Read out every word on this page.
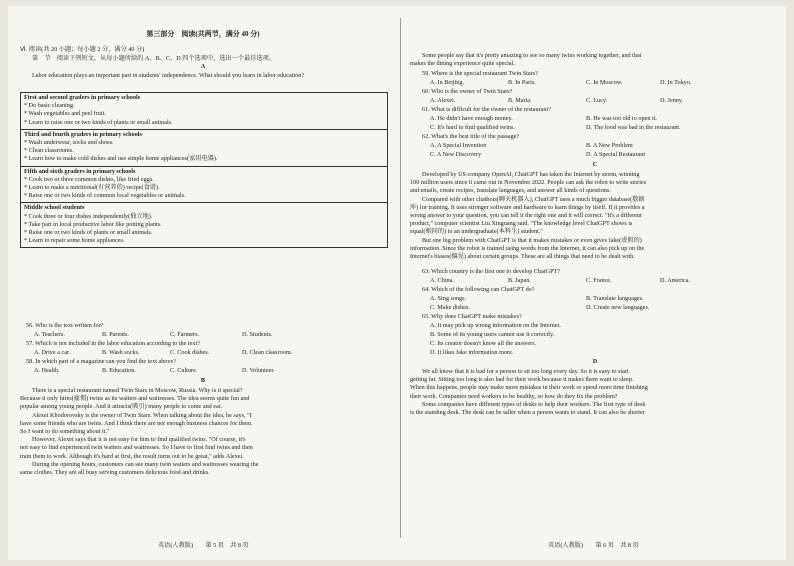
第三部分　阅读(共两节，满分 40 分)

Ⅵ. 阅读(共 20 小题；每小题 2 分，满分 40 分)

第　节　阅读下列短文，从每小题所给的 A、B、C、D 四个选项中，选出一个最佳选项。

A

Labor education plays an important part in students' independence. What should you learn in labor education?

First and second graders in primary schools

* Do basic cleaning.

* Wash vegetables and peel fruit.

* Learn to raise one or two kinds of plants or small animals.

Third and fourth graders in primary schools

* Wash underwear, socks and shoes.

* Clean classrooms.

* Learn how to make cold dishes and use simple home appliances(家用电器).

Fifth and sixth graders in primary schools

* Cook two or three common dishes, like fried eggs.

* Learn to make a nutritional(有营养的) recipe(食谱).

* Raise one or two kinds of common local vegetables or animals.

Middle school students

* Cook three or four dishes independently(独立地).

* Take part in local productive labor like potting plants.

* Raise one or two kinds of plants or small animals.

* Learn to repair some home appliances.

56. Who is the text written for?

A. Teachers.	B. Parents.	C. Farmers.	D. Students.

57. Which is not included in the labor education according to the text?

A. Drive a car.	B. Wash socks.	C. Cook dishes.	D. Clean classroom.

58. In which part of a magazine can you find the text above?

A. Health.	B. Education.	C. Culture.	D. Volunteer.

B

There is a special restaurant named Twin Stars in Moscow, Russia. Why is it special?

Because it only hires(雇佣) twins as its waiters and waitresses. The idea seems quite fun and

popular among young people. And it attracts(吸引) many people to come and eat.

Alexei Khodorovsky is the owner of Twin Stars. When talking about the idea, he says, "I

have some friends who are twins. And I think there are not enough business chances for them.

So I want to do something about it."

However, Alexei says that it is not easy for him to find qualified twins. "Of course, it's

not easy to find experienced twin waiters and waitresses. So I have to first find twins and then

train them to work. Although it's hard at first, the result turns out to be great," adds Alexei.

During the opening hours, customers can see many twin waiters and waitresses wearing the

same clothes. They are all busy serving customers delicious food and drinks.

Some people say that it's pretty amazing to see so many twins working together, and that

makes the dining experience quite special.

59. Where is the special restaurant Twin Stars?

A. In Beijing.	B. In Paris.	C. In Moscow.	D. In Tokyo.

60. Who is the owner of Twin Stars?

A. Alexei.	B. Maria.	C. Lucy.	D. Jenny.

61. What is difficult for the owner of the restaurant?

A. He didn't have enough money.	B. He was too old to open it.
C. It's hard to find qualified twins.	D. The food was bad in the restaurant.

62. What's the best title of the passage?

A. A Special Invention	B. A New Problem
C. A New Discovery	D. A Special Restaurant

C

Developed by US company OpenAI, ChatGPT has taken the Internet by storm, winning

100 million users since it came out in November 2022. People can ask the robot to write stories

and emails, create recipes, translate languages, and answer all kinds of questions.

Compared with other chatbots(聊天机器人), ChatGPT uses a much bigger database(数据

库) for training. It uses stronger software and hardware to learn things by itself. If it provides a

wrong answer to your question, you can tell it the right one and it will correct. "It's a different

product," computer scientist Liu Xinguang said. "The knowledge level ChatGPT shows is

equal(相同的) to an undergraduate(本科生) student."

But one big problem with ChatGPT is that it makes mistakes or even gives fake(虚假的)

information. Since the robot is trained using words from the Internet, it can also pick up on the

Internet's biases(偏见) about certain groups. These are all things that need to be dealt with.

63. Which country is the first one to develop ChatGPT?

A. China.	B. Japan.	C. France.	D. America.

64. Which of the following can ChatGPT do?

A. Sing songs.	B. Translate languages.
C. Make dishes.	D. Create new languages.

65. Why does ChatGPT make mistakes?

A. It may pick up wrong information on the Internet.
B. Some of its young users cannot use it correctly.
C. Its creator doesn't know all the answers.
D. It likes fake information more.

D

We all know that it is bad for a person to sit too long every day. So it is easy to start

getting fat. Sitting too long is also bad for their work because it makes them want to sleep.

When this happens, people may make more mistakes in their work or spend more time finishing

their work. Companies need workers to be healthy, so how do they fix the problem?

Some companies have different types of desks to help their workers. The first type of desk

is the standing desk. The desk can be taller when a person wants to stand. It can also be shorter

英语(人教版)　　第 5 页　共 8 页	英语(人教版)　　第 6 页　共 8 页
